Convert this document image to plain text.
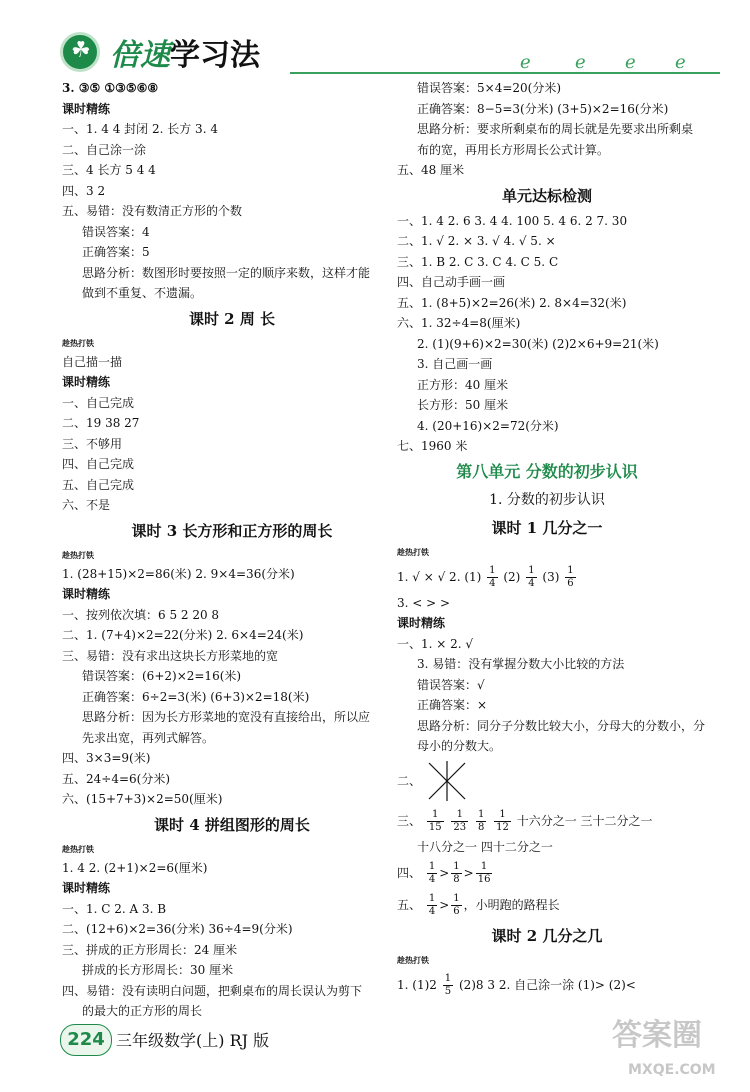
☘
倍速学习法	ℯ ℯ ℯ ℯ
3. ③⑤ ①③⑤⑥⑧
课时精练
一、1. 4 4 封闭 2. 长方 3. 4
二、自己涂一涂
三、4 长方 5 4 4
四、3 2
五、易错：没有数清正方形的个数
错误答案：4
正确答案：5
思路分析：数图形时要按照一定的顺序来数，这样才能
做到不重复、不遗漏。
课时 2 周 长
趁热打铁
自己描一描
课时精练
一、自己完成
二、19 38 27
三、不够用
四、自己完成
五、自己完成
六、不是
课时 3 长方形和正方形的周长
趁热打铁
1. (28+15)×2=86(米) 2. 9×4=36(分米)
课时精练
一、按列依次填：6 5 2 20 8
二、1. (7+4)×2=22(分米) 2. 6×4=24(米)
三、易错：没有求出这块长方形菜地的宽
错误答案：(6+2)×2=16(米)
正确答案：6÷2=3(米) (6+3)×2=18(米)
思路分析：因为长方形菜地的宽没有直接给出，所以应
先求出宽，再列式解答。
四、3×3=9(米)
五、24÷4=6(分米)
六、(15+7+3)×2=50(厘米)
课时 4 拼组图形的周长
趁热打铁
1. 4 2. (2+1)×2=6(厘米)
课时精练
一、1. C 2. A 3. B
二、(12+6)×2=36(分米) 36÷4=9(分米)
三、拼成的正方形周长：24 厘米
拼成的长方形周长：30 厘米
四、易错：没有读明白问题，把剩桌布的周长误认为剪下
的最大的正方形的周长
错误答案：5×4=20(分米)
正确答案：8−5=3(分米) (3+5)×2=16(分米)
思路分析：要求所剩桌布的周长就是先要求出所剩桌
布的宽，再用长方形周长公式计算。
五、48 厘米
单元达标检测
一、1. 4 2. 6 3. 4 4. 100 5. 4 6. 2 7. 30
二、1. √ 2. × 3. √ 4. √ 5. ×
三、1. B 2. C 3. C 4. C 5. C
四、自己动手画一画
五、1. (8+5)×2=26(米) 2. 8×4=32(米)
六、1. 32÷4=8(厘米)
2. (1)(9+6)×2=30(米) (2)2×6+9=21(米)
3. 自己画一画
正方形：40 厘米
长方形：50 厘米
4. (20+16)×2=72(分米)
七、1960 米
第八单元 分数的初步认识
1. 分数的初步认识
课时 1 几分之一
趁热打铁
1. √ × √ 2. $(1) \frac{1}{4} (2) \frac{1}{4} (3) \frac{1}{6}$
3. < > >
课时精练
一、1. × 2. √
3. 易错：没有掌握分数大小比较的方法
错误答案：√
正确答案：×
思路分析：同分子分数比较大小，分母大的分数小，分
母小的分数大。
二、
三、 $\frac{1}{15}$
$\frac{1}{23}$
$\frac{1}{8}$
$\frac{1}{12}$ 十六分之一 三十二分之一
十八分之一 四十二分之一
四、 $\frac{1}{4} > \frac{1}{8} > \frac{1}{16}$
五、 $\frac{1}{4} > \frac{1}{6}$ ，小明跑的路程长
课时 2 几分之几
趁热打铁
1. $(1)2 \frac{1}{5} (2)8$ 3 2. 自己涂一涂 (1)> (2)<
224 三年级数学(上) RJ 版	答案圈
MXQE.COM
